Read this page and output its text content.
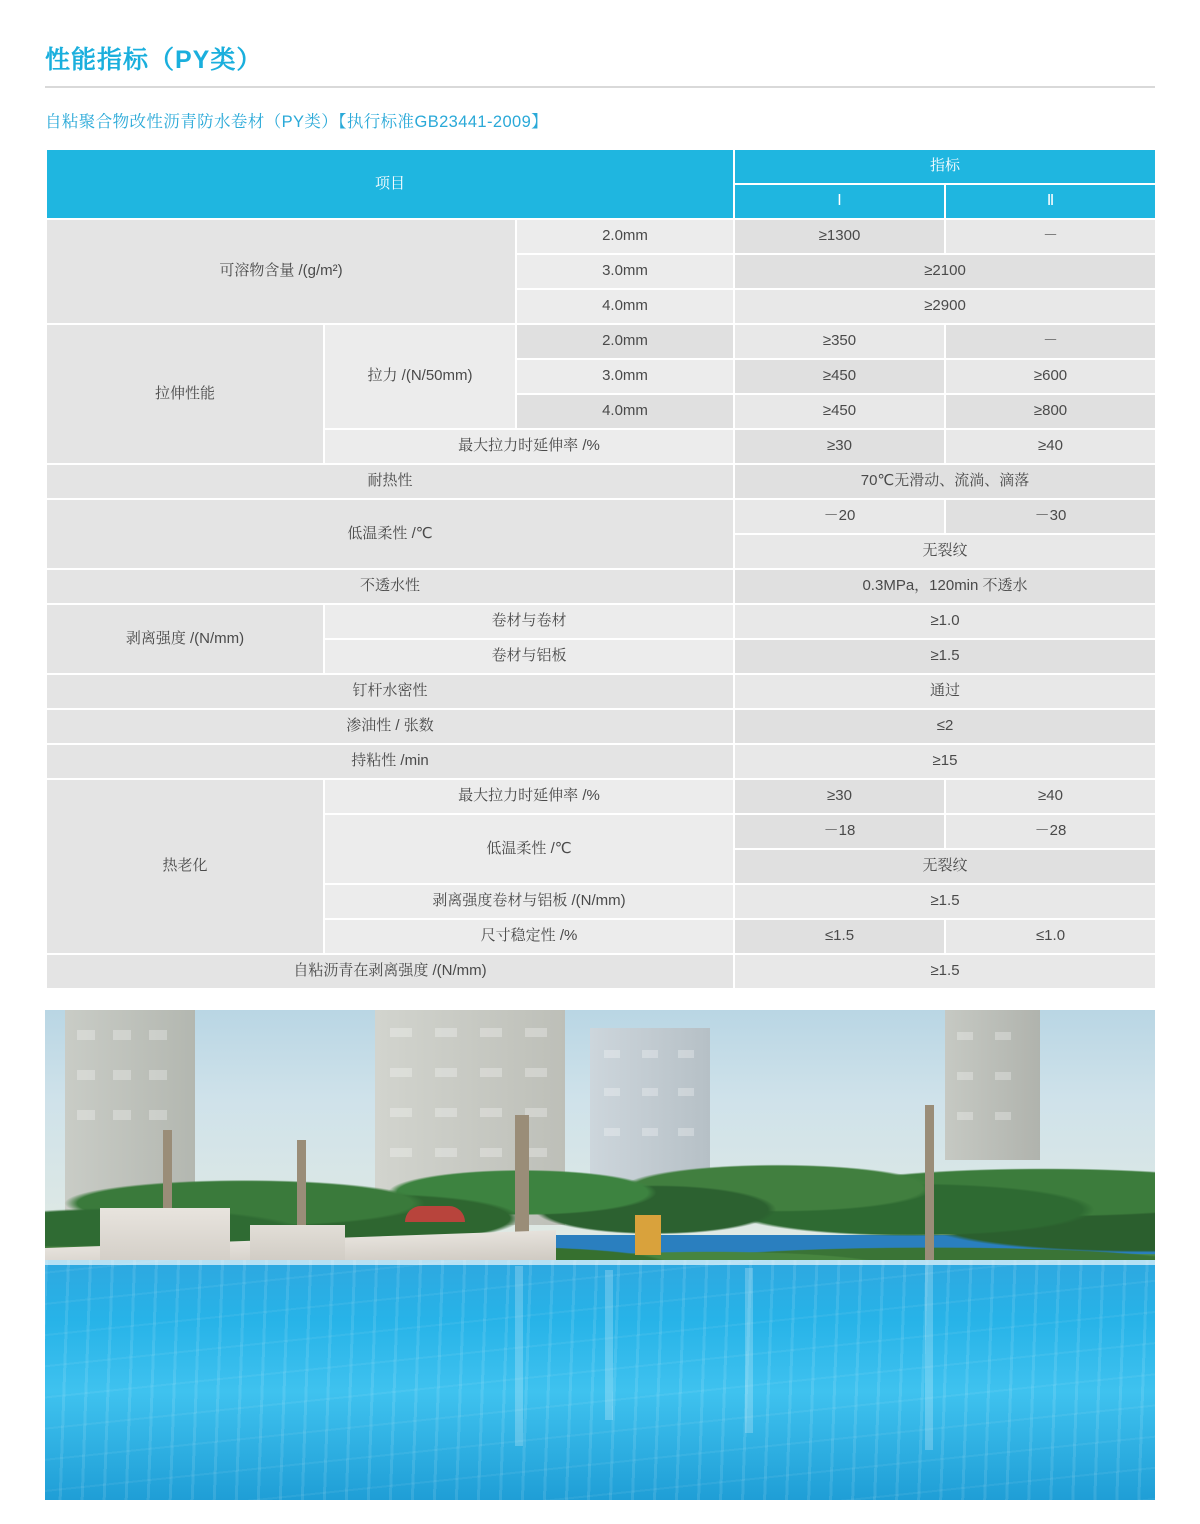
性能指标（PY类）
自粘聚合物改性沥青防水卷材（PY类）【执行标准GB23441-2009】
项目			指标	
			Ⅰ	Ⅱ
可溶物含量 /(g/m²)		2.0mm	≥1300	－
		3.0mm	≥2100	
		4.0mm	≥2900	
拉伸性能	拉力 /(N/50mm)	2.0mm	≥350	－
		3.0mm	≥450	≥600
		4.0mm	≥450	≥800
	最大拉力时延伸率 /%		≥30	≥40
耐热性			70℃无滑动、流淌、滴落	
低温柔性 /℃			－20	－30
			无裂纹	
不透水性			0.3MPa，120min 不透水	
剥离强度 /(N/mm)	卷材与卷材		≥1.0	
	卷材与铝板		≥1.5	
钉杆水密性			通过	
渗油性 / 张数			≤2	
持粘性 /min			≥15	
热老化	最大拉力时延伸率 /%		≥30	≥40
	低温柔性 /℃		－18	－28
			无裂纹	
	剥离强度卷材与铝板 /(N/mm)		≥1.5	
	尺寸稳定性 /%		≤1.5	≤1.0
自粘沥青在剥离强度 /(N/mm)			≥1.5	
